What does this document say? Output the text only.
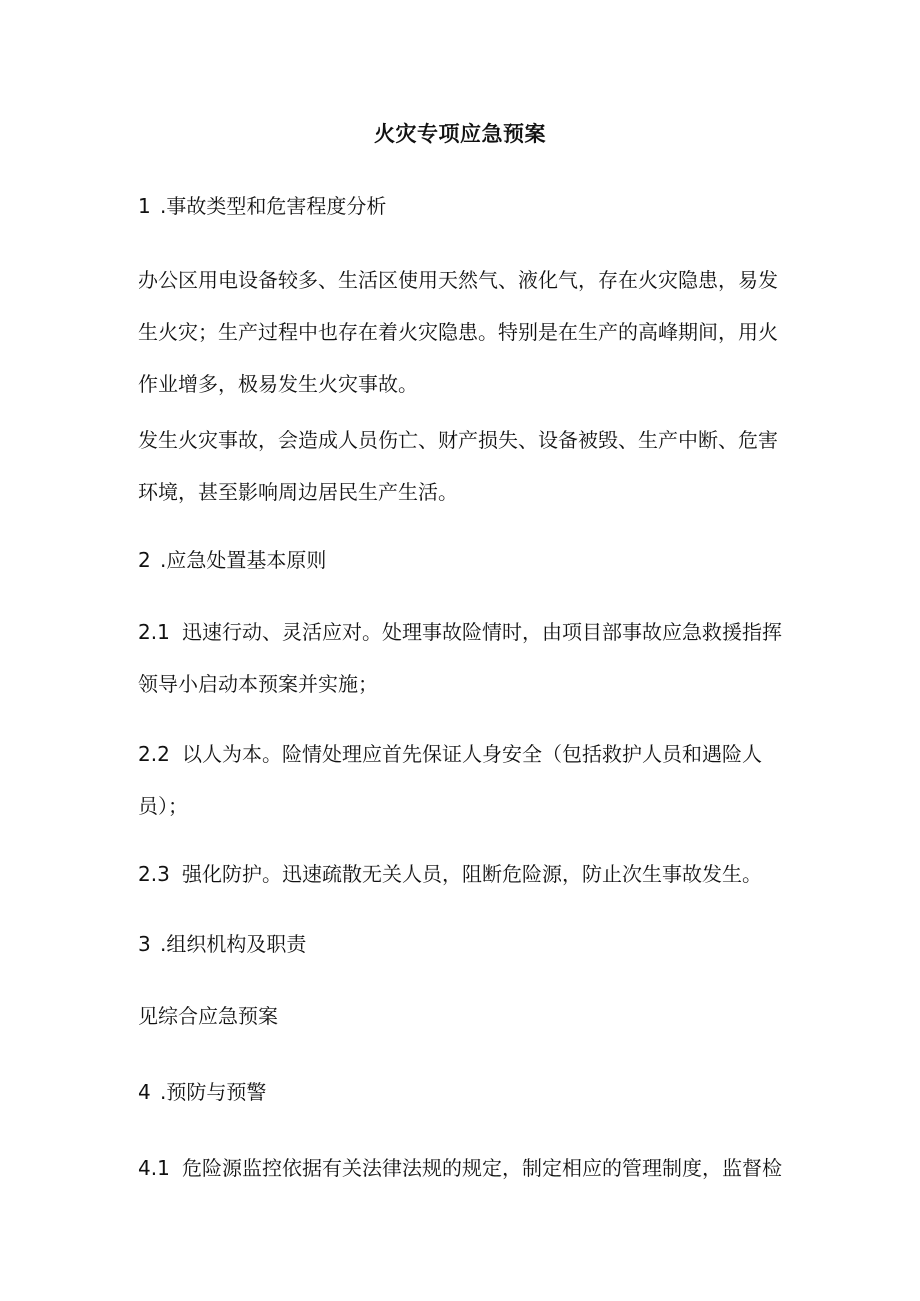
火灾专项应急预案
1 .事故类型和危害程度分析
办公区用电设备较多、生活区使用天然气、液化气，存在火灾隐患，易发
生火灾；生产过程中也存在着火灾隐患。特别是在生产的高峰期间，用火
作业增多，极易发生火灾事故。
发生火灾事故，会造成人员伤亡、财产损失、设备被毁、生产中断、危害
环境，甚至影响周边居民生产生活。
2 .应急处置基本原则
2.1 迅速行动、灵活应对。处理事故险情时，由项目部事故应急救援指挥
领导小启动本预案并实施；
2.2 以人为本。险情处理应首先保证人身安全（包括救护人员和遇险人
员）；
2.3 强化防护。迅速疏散无关人员，阻断危险源，防止次生事故发生。
3 .组织机构及职责
见综合应急预案
4 .预防与预警
4.1 危险源监控依据有关法律法规的规定，制定相应的管理制度，监督检
